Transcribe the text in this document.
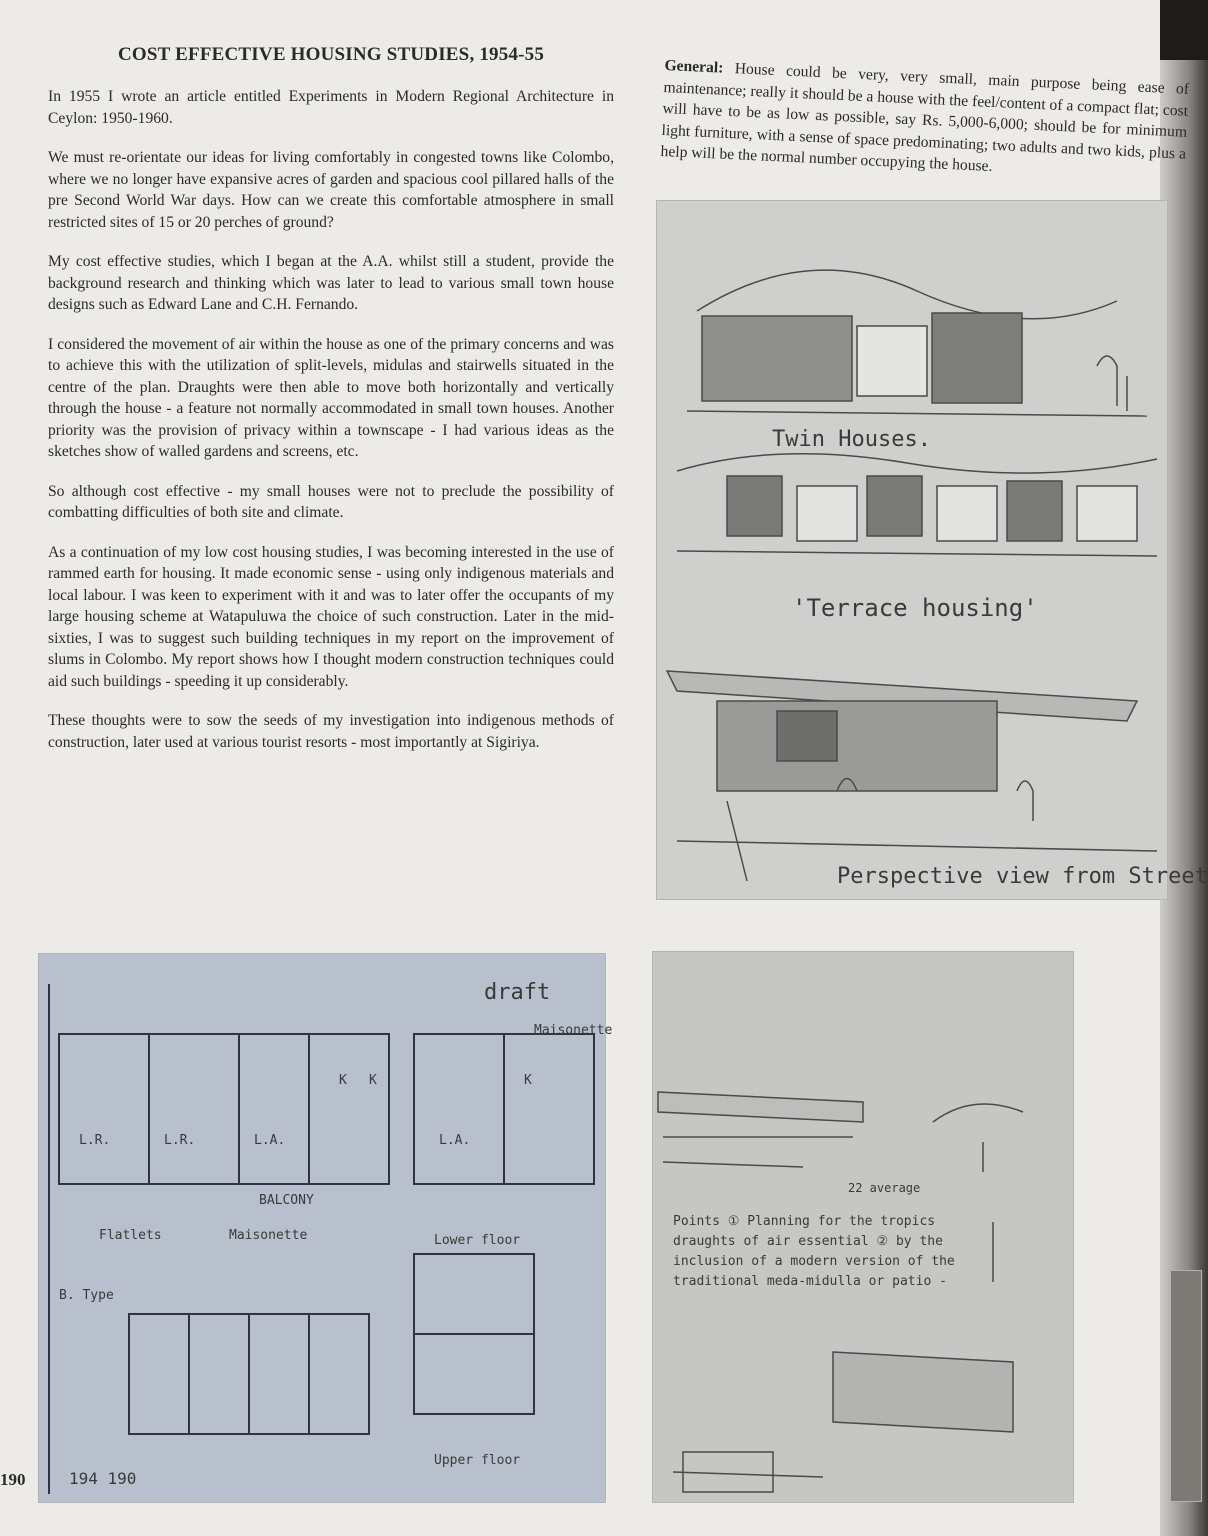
COST EFFECTIVE HOUSING STUDIES, 1954-55

In 1955 I wrote an article entitled Experiments in Modern Regional Architecture in Ceylon: 1950-1960.

We must re-orientate our ideas for living comfortably in congested towns like Colombo, where we no longer have expansive acres of garden and spacious cool pillared halls of the pre Second World War days. How can we create this comfortable atmosphere in small restricted sites of 15 or 20 perches of ground?

My cost effective studies, which I began at the A.A. whilst still a student, provide the background research and thinking which was later to lead to various small town house designs such as Edward Lane and C.H. Fernando.

I considered the movement of air within the house as one of the primary concerns and was to achieve this with the utilization of split-levels, midulas and stairwells situated in the centre of the plan. Draughts were then able to move both horizontally and vertically through the house - a feature not normally accommodated in small town houses. Another priority was the provision of privacy within a townscape - I had various ideas as the sketches show of walled gardens and screens, etc.

So although cost effective - my small houses were not to preclude the possibility of combatting difficulties of both site and climate.

As a continuation of my low cost housing studies, I was becoming interested in the use of rammed earth for housing. It made economic sense - using only indigenous materials and local labour. I was keen to experiment with it and was to later offer the occupants of my large housing scheme at Watapuluwa the choice of such construction. Later in the mid-sixties, I was to suggest such building techniques in my report on the improvement of slums in Colombo. My report shows how I thought modern construction techniques could aid such buildings - speeding it up considerably.

These thoughts were to sow the seeds of my investigation into indigenous methods of construction, later used at various tourist resorts - most importantly at Sigiriya.

General: House could be very, very small, main purpose being ease of maintenance; really it should be a house with the feel/content of a compact flat; cost will have to be as low as possible, say Rs. 5,000-6,000; should be for minimum light furniture, with a sense of space predominating; two adults and two kids, plus a help will be the normal number occupying the house.
Twin Houses.
'Terrace housing'
Perspective view from Street
draft
Maisonette
L.R.	L.R.	L.A.	L.A.
K K	K
BALCONY
Flatlets	Maisonette	Lower floor
B. Type
Upper floor
194 190
22 average
Points ① Planning for the tropics draughts of air essential ② by the inclusion of a modern version of the traditional meda-midulla or patio -
190
